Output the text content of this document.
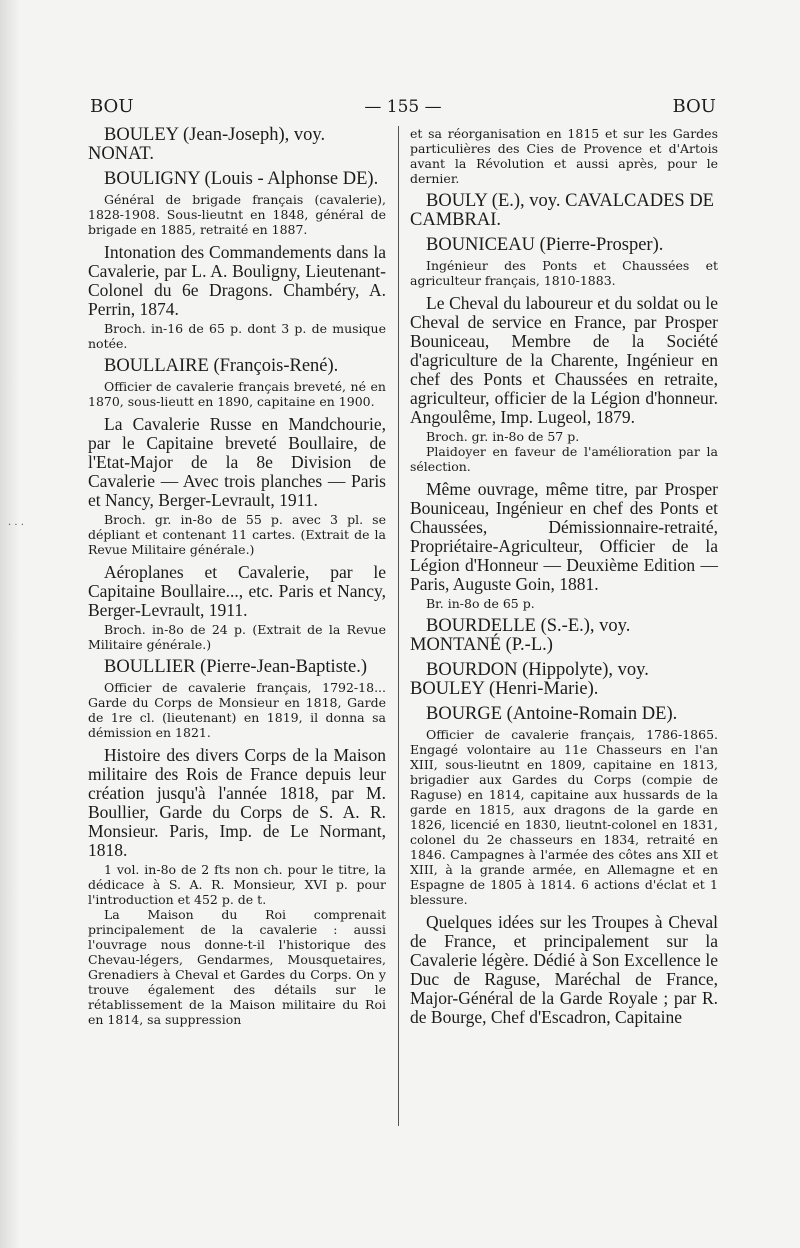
· · ·
BOU	— 155 —	BOU

BOULEY (Jean-Joseph), voy. NONAT.

BOULIGNY (Louis - Alphonse DE).

Général de brigade français (cavalerie), 1828-1908. Sous-lieutnt en 1848, général de brigade en 1885, retraité en 1887.

Intonation des Commandements dans la Cavalerie, par L. A. Bouligny, Lieutenant-Colonel du 6e Dragons. Chambéry, A. Perrin, 1874.

Broch. in-16 de 65 p. dont 3 p. de musique notée.

BOULLAIRE (François-René).

Officier de cavalerie français breveté, né en 1870, sous-lieutt en 1890, capitaine en 1900.

La Cavalerie Russe en Mandchourie, par le Capitaine breveté Boullaire, de l'Etat-Major de la 8e Division de Cavalerie — Avec trois planches — Paris et Nancy, Berger-Levrault, 1911.

Broch. gr. in-8o de 55 p. avec 3 pl. se dépliant et contenant 11 cartes. (Extrait de la Revue Militaire générale.)

Aéroplanes et Cavalerie, par le Capitaine Boullaire..., etc. Paris et Nancy, Berger-Levrault, 1911.

Broch. in-8o de 24 p. (Extrait de la Revue Militaire générale.)

BOULLIER (Pierre-Jean-Baptiste.)

Officier de cavalerie français, 1792-18... Garde du Corps de Monsieur en 1818, Garde de 1re cl. (lieutenant) en 1819, il donna sa démission en 1821.

Histoire des divers Corps de la Maison militaire des Rois de France depuis leur création jusqu'à l'année 1818, par M. Boullier, Garde du Corps de S. A. R. Monsieur. Paris, Imp. de Le Normant, 1818.

1 vol. in-8o de 2 fts non ch. pour le titre, la dédicace à S. A. R. Monsieur, XVI p. pour l'introduction et 452 p. de t.

La Maison du Roi comprenait principalement de la cavalerie : aussi l'ouvrage nous donne-t-il l'historique des Chevau-légers, Gendarmes, Mousquetaires, Grenadiers à Cheval et Gardes du Corps. On y trouve également des détails sur le rétablissement de la Maison militaire du Roi en 1814, sa suppression

et sa réorganisation en 1815 et sur les Gardes particulières des Cies de Provence et d'Artois avant la Révolution et aussi après, pour le dernier.

BOULY (E.), voy. CAVALCADES DE CAMBRAI.

BOUNICEAU (Pierre-Prosper).

Ingénieur des Ponts et Chaussées et agriculteur français, 1810-1883.

Le Cheval du laboureur et du soldat ou le Cheval de service en France, par Prosper Bouniceau, Membre de la Société d'agriculture de la Charente, Ingénieur en chef des Ponts et Chaussées en retraite, agriculteur, officier de la Légion d'honneur. Angoulême, Imp. Lugeol, 1879.

Broch. gr. in-8o de 57 p.

Plaidoyer en faveur de l'amélioration par la sélection.

Même ouvrage, même titre, par Prosper Bouniceau, Ingénieur en chef des Ponts et Chaussées, Démissionnaire-retraité, Propriétaire-Agriculteur, Officier de la Légion d'Honneur — Deuxième Edition — Paris, Auguste Goin, 1881.

Br. in-8o de 65 p.

BOURDELLE (S.-E.), voy. MONTANÉ (P.-L.)

BOURDON (Hippolyte), voy. BOULEY (Henri-Marie).

BOURGE (Antoine-Romain DE).

Officier de cavalerie français, 1786-1865. Engagé volontaire au 11e Chasseurs en l'an XIII, sous-lieutnt en 1809, capitaine en 1813, brigadier aux Gardes du Corps (compie de Raguse) en 1814, capitaine aux hussards de la garde en 1815, aux dragons de la garde en 1826, licencié en 1830, lieutnt-colonel en 1831, colonel du 2e chasseurs en 1834, retraité en 1846. Campagnes à l'armée des côtes ans XII et XIII, à la grande armée, en Allemagne et en Espagne de 1805 à 1814. 6 actions d'éclat et 1 blessure.

Quelques idées sur les Troupes à Cheval de France, et principalement sur la Cavalerie légère. Dédié à Son Excellence le Duc de Raguse, Maréchal de France, Major-Général de la Garde Royale ; par R. de Bourge, Chef d'Escadron, Capitaine
